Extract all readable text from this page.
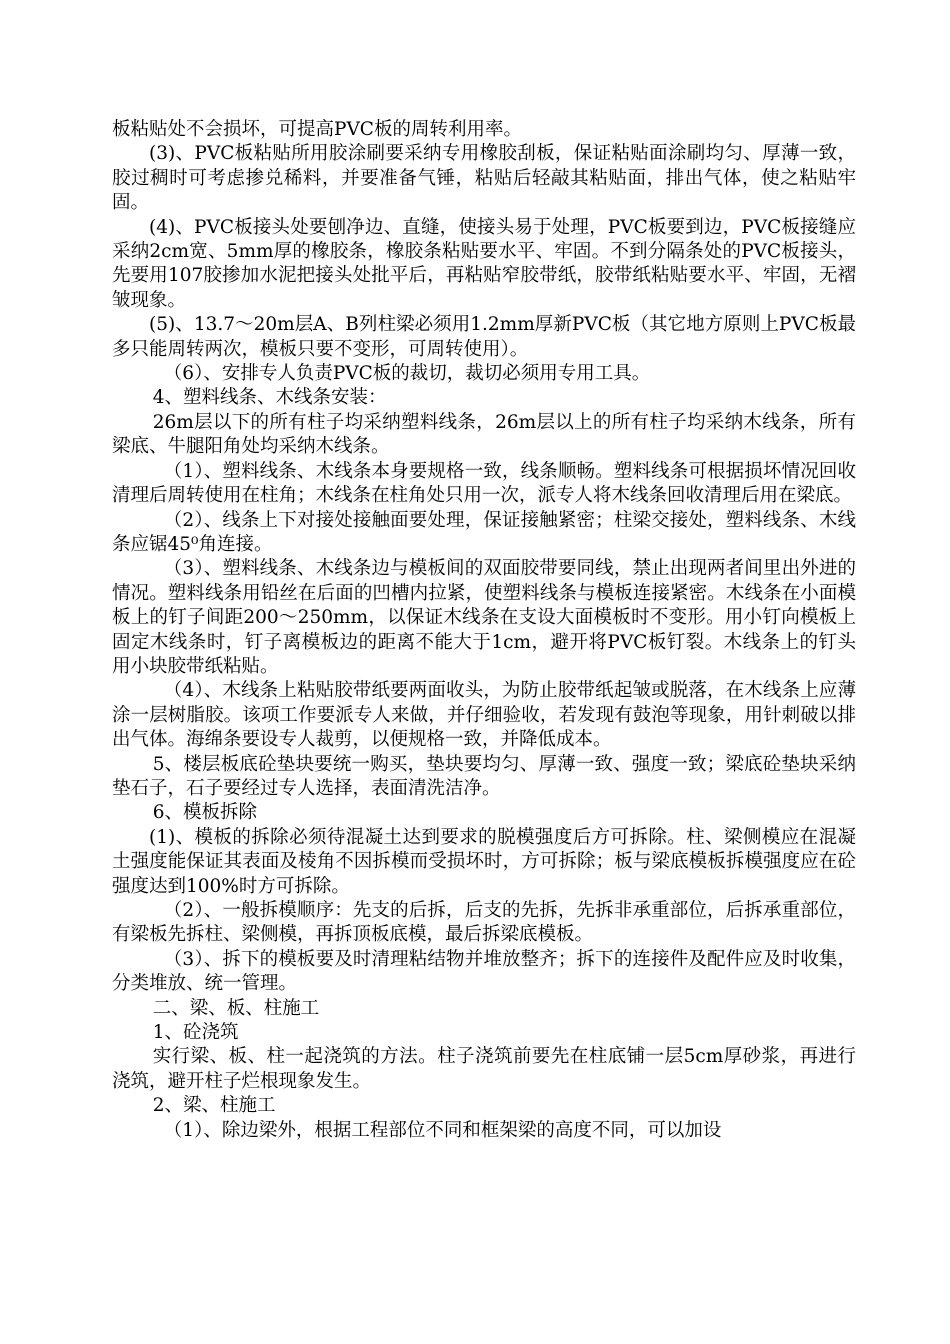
板粘贴处不会损坏，可提高PVC板的周转利用率。

(3)、PVC板粘贴所用胶涂刷要采纳专用橡胶刮板，保证粘贴面涂刷均匀、厚薄一致，胶过稠时可考虑掺兑稀料，并要准备气锤，粘贴后轻敲其粘贴面，排出气体，使之粘贴牢固。

(4)、PVC板接头处要刨净边、直缝，使接头易于处理，PVC板要到边，PVC板接缝应采纳2cm宽、5mm厚的橡胶条，橡胶条粘贴要水平、牢固。不到分隔条处的PVC板接头，先要用107胶掺加水泥把接头处批平后，再粘贴窄胶带纸，胶带纸粘贴要水平、牢固，无褶皱现象。

(5)、13.7～20m层A、B列柱梁必须用1.2mm厚新PVC板（其它地方原则上PVC板最多只能周转两次，模板只要不变形，可周转使用）。

（6）、安排专人负责PVC板的裁切，裁切必须用专用工具。

4、塑料线条、木线条安装：

26m层以下的所有柱子均采纳塑料线条，26m层以上的所有柱子均采纳木线条，所有梁底、牛腿阳角处均采纳木线条。

（1）、塑料线条、木线条本身要规格一致，线条顺畅。塑料线条可根据损坏情况回收清理后周转使用在柱角；木线条在柱角处只用一次，派专人将木线条回收清理后用在梁底。

（2）、线条上下对接处接触面要处理，保证接触紧密；柱梁交接处，塑料线条、木线条应锯45⁰角连接。

（3）、塑料线条、木线条边与模板间的双面胶带要同线，禁止出现两者间里出外进的情况。塑料线条用铅丝在后面的凹槽内拉紧，使塑料线条与模板连接紧密。木线条在小面模板上的钉子间距200～250mm，以保证木线条在支设大面模板时不变形。用小钉向模板上固定木线条时，钉子离模板边的距离不能大于1cm，避开将PVC板钉裂。木线条上的钉头用小块胶带纸粘贴。

（4）、木线条上粘贴胶带纸要两面收头，为防止胶带纸起皱或脱落，在木线条上应薄涂一层树脂胶。该项工作要派专人来做，并仔细验收，若发现有鼓泡等现象，用针刺破以排出气体。海绵条要设专人裁剪，以便规格一致，并降低成本。

5、楼层板底砼垫块要统一购买，垫块要均匀、厚薄一致、强度一致；梁底砼垫块采纳垫石子，石子要经过专人选择，表面清洗洁净。

6、模板拆除

(1)、模板的拆除必须待混凝土达到要求的脱模强度后方可拆除。柱、梁侧模应在混凝土强度能保证其表面及棱角不因拆模而受损坏时，方可拆除；板与梁底模板拆模强度应在砼强度达到100%时方可拆除。

（2）、一般拆模顺序：先支的后拆，后支的先拆，先拆非承重部位，后拆承重部位，有梁板先拆柱、梁侧模，再拆顶板底模，最后拆梁底模板。

（3）、拆下的模板要及时清理粘结物并堆放整齐；拆下的连接件及配件应及时收集，分类堆放、统一管理。

二、梁、板、柱施工

1、砼浇筑

实行梁、板、柱一起浇筑的方法。柱子浇筑前要先在柱底铺一层5cm厚砂浆，再进行浇筑，避开柱子烂根现象发生。

2、梁、柱施工

（1）、除边梁外，根据工程部位不同和框架梁的高度不同，可以加设
